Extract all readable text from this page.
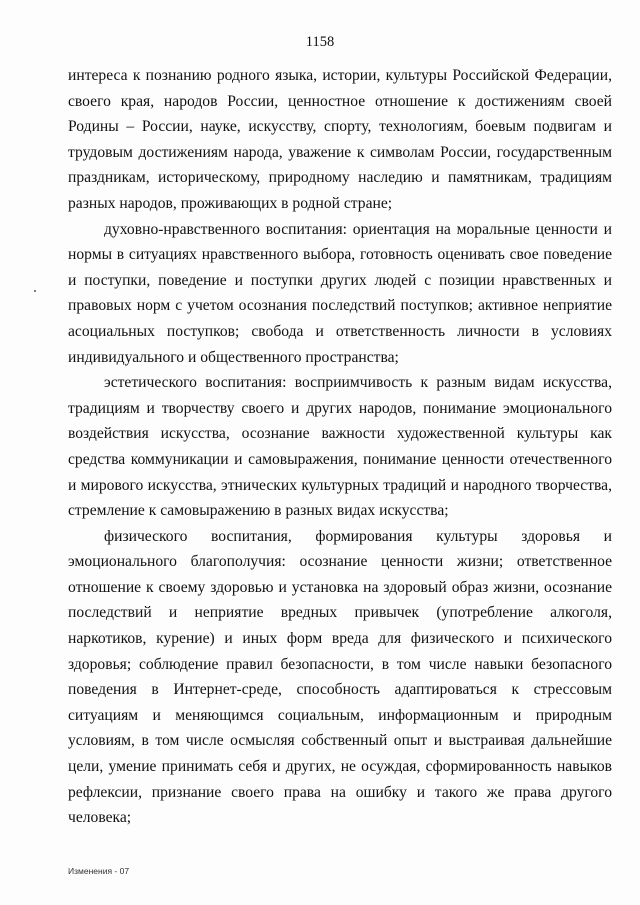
1158

интереса к познанию родного языка, истории, культуры Российской Федерации, своего края, народов России, ценностное отношение к достижениям своей Родины – России, науке, искусству, спорту, технологиям, боевым подвигам и трудовым достижениям народа, уважение к символам России, государственным праздникам, историческому, природному наследию и памятникам, традициям разных народов, проживающих в родной стране;

духовно-нравственного воспитания: ориентация на моральные ценности и нормы в ситуациях нравственного выбора, готовность оценивать свое поведение и поступки, поведение и поступки других людей с позиции нравственных и правовых норм с учетом осознания последствий поступков; активное неприятие асоциальных поступков; свобода и ответственность личности в условиях индивидуального и общественного пространства;

эстетического воспитания: восприимчивость к разным видам искусства, традициям и творчеству своего и других народов, понимание эмоционального воздействия искусства, осознание важности художественной культуры как средства коммуникации и самовыражения, понимание ценности отечественного и мирового искусства, этнических культурных традиций и народного творчества, стремление к самовыражению в разных видах искусства;

физического воспитания, формирования культуры здоровья и эмоционального благополучия: осознание ценности жизни; ответственное отношение к своему здоровью и установка на здоровый образ жизни, осознание последствий и неприятие вредных привычек (употребление алкоголя, наркотиков, курение) и иных форм вреда для физического и психического здоровья; соблюдение правил безопасности, в том числе навыки безопасного поведения в Интернет-среде, способность адаптироваться к стрессовым ситуациям и меняющимся социальным, информационным и природным условиям, в том числе осмысляя собственный опыт и выстраивая дальнейшие цели, умение принимать себя и других, не осуждая, сформированность навыков рефлексии, признание своего права на ошибку и такого же права другого человека;

Изменения - 07
